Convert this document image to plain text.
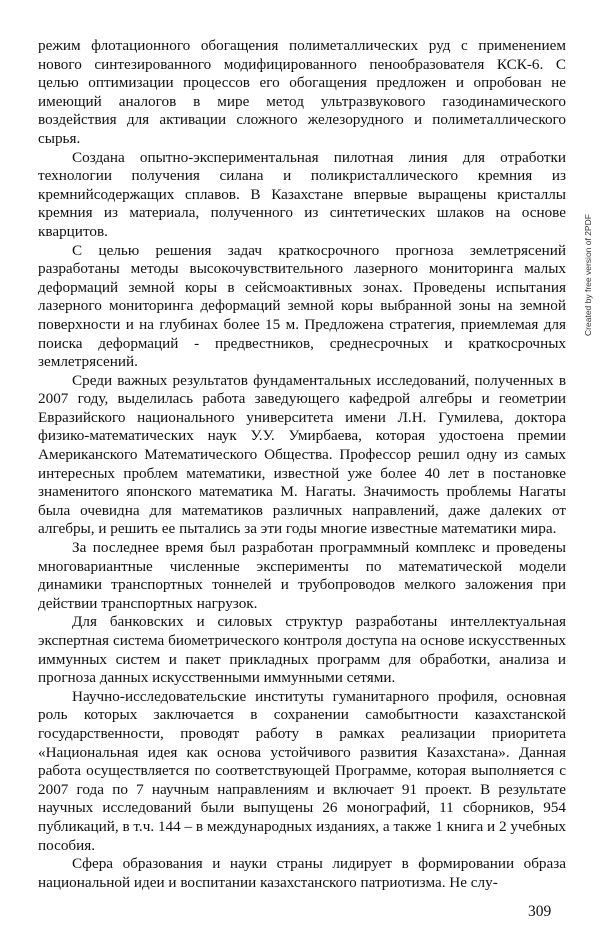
режим флотационного обогащения полиметаллических руд с применением нового синтезированного модифицированного пенообразователя КСК-6. С целью оптимизации процессов его обогащения предложен и опробован не имеющий аналогов в мире метод ультразвукового газодинамического воздействия для активации сложного железорудного и полиметаллического сырья.

Создана опытно-экспериментальная пилотная линия для отработки технологии получения силана и поликристаллического кремния из кремнийсодержащих сплавов. В Казахстане впервые выращены кристаллы кремния из материала, полученного из синтетических шлаков на основе кварцитов.

С целью решения задач краткосрочного прогноза землетрясений разработаны методы высокочувствительного лазерного мониторинга малых деформаций земной коры в сейсмоактивных зонах. Проведены испытания лазерного мониторинга деформаций земной коры выбранной зоны на земной поверхности и на глубинах более 15 м. Предложена стратегия, приемлемая для поиска деформаций - предвестников, среднесрочных и краткосрочных землетрясений.

Среди важных результатов фундаментальных исследований, полученных в 2007 году, выделилась работа заведующего кафедрой алгебры и геометрии Евразийского национального университета имени Л.Н. Гумилева, доктора физико-математических наук У.У. Умирбаева, которая удостоена премии Американского Математического Общества. Профессор решил одну из самых интересных проблем математики, известной уже более 40 лет в постановке знаменитого японского математика М. Нагаты. Значимость проблемы Нагаты была очевидна для математиков различных направлений, даже далеких от алгебры, и решить ее пытались за эти годы многие известные математики мира.

За последнее время был разработан программный комплекс и проведены многовариантные численные эксперименты по математической модели динамики транспортных тоннелей и трубопроводов мелкого заложения при действии транспортных нагрузок.

Для банковских и силовых структур разработаны интеллектуальная экспертная система биометрического контроля доступа на основе искусственных иммунных систем и пакет прикладных программ для обработки, анализа и прогноза данных искусственными иммунными сетями.

Научно-исследовательские институты гуманитарного профиля, основная роль которых заключается в сохранении самобытности казахстанской государственности, проводят работу в рамках реализации приоритета «Национальная идея как основа устойчивого развития Казахстана». Данная работа осуществляется по соответствующей Программе, которая выполняется с 2007 года по 7 научным направлениям и включает 91 проект. В результате научных исследований были выпущены 26 монографий, 11 сборников, 954 публикаций, в т.ч. 144 – в международных изданиях, а также 1 книга и 2 учебных пособия.

Сфера образования и науки страны лидирует в формировании образа национальной идеи и воспитании казахстанского патриотизма. Не слу-

Created by free version of 2PDF
309
